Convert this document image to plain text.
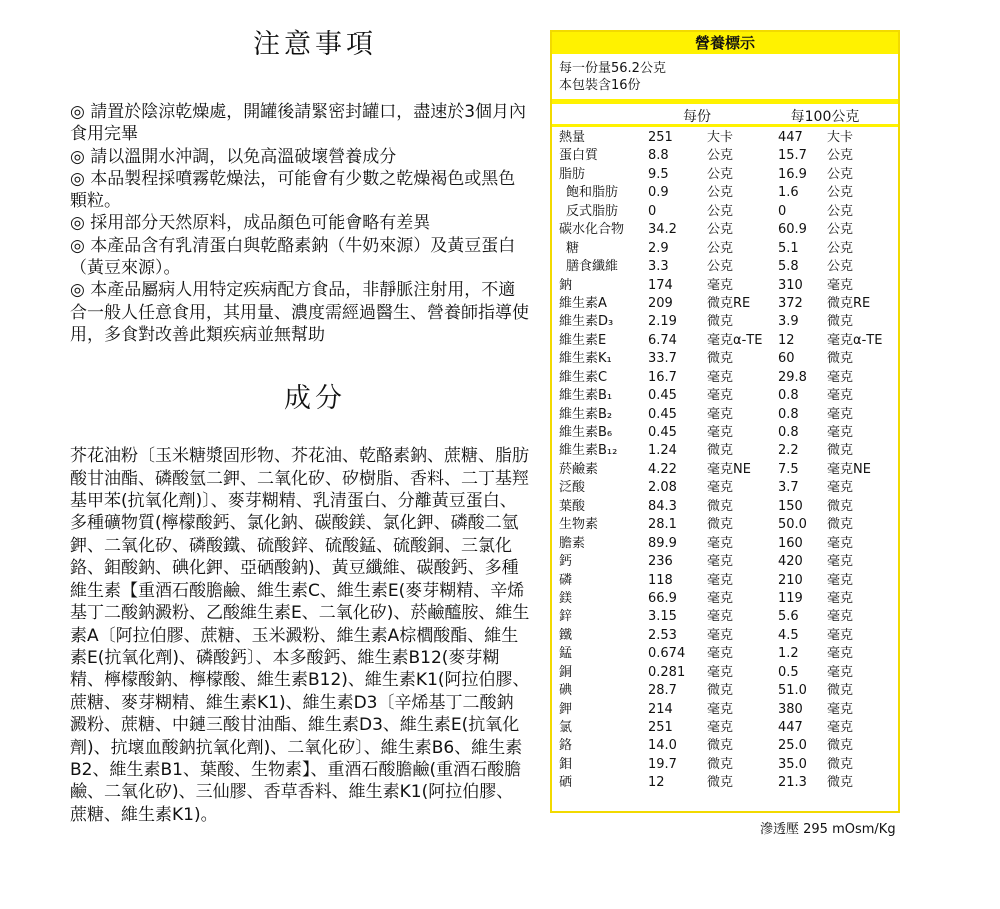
注意事項

◎ 請置於陰涼乾燥處，開罐後請緊密封罐口，盡速於3個月內食用完畢

◎ 請以溫開水沖調，以免高溫破壞營養成分

◎ 本品製程採噴霧乾燥法，可能會有少數之乾燥褐色或黑色顆粒。

◎ 採用部分天然原料，成品顏色可能會略有差異

◎ 本產品含有乳清蛋白與乾酪素鈉（牛奶來源）及黃豆蛋白（黃豆來源）。

◎ 本產品屬病人用特定疾病配方食品，非靜脈注射用，不適合一般人任意食用，其用量、濃度需經過醫生、營養師指導使用，多食對改善此類疾病並無幫助

成分

芥花油粉〔玉米糖漿固形物、芥花油、乾酪素鈉、蔗糖、脂肪酸甘油酯、磷酸氫二鉀、二氧化矽、矽樹脂、香料、二丁基羥基甲苯(抗氧化劑)〕、麥芽糊精、乳清蛋白、分離黃豆蛋白、多種礦物質(檸檬酸鈣、氯化鈉、碳酸鎂、氯化鉀、磷酸二氫鉀、二氧化矽、磷酸鐵、硫酸鋅、硫酸錳、硫酸銅、三氯化鉻、鉬酸鈉、碘化鉀、亞硒酸鈉)、黃豆纖維、碳酸鈣、多種維生素【重酒石酸膽鹼、維生素C、維生素E(麥芽糊精、辛烯基丁二酸鈉澱粉、乙酸維生素E、二氧化矽)、菸鹼醯胺、維生素A〔阿拉伯膠、蔗糖、玉米澱粉、維生素A棕櫚酸酯、維生素E(抗氧化劑)、磷酸鈣〕、本多酸鈣、維生素B12(麥芽糊精、檸檬酸鈉、檸檬酸、維生素B12)、維生素K1(阿拉伯膠、蔗糖、麥芽糊精、維生素K1)、維生素D3〔辛烯基丁二酸鈉澱粉、蔗糖、中鏈三酸甘油酯、維生素D3、維生素E(抗氧化劑)、抗壞血酸鈉抗氧化劑)、二氧化矽〕、維生素B6、維生素B2、維生素B1、葉酸、生物素】、重酒石酸膽鹼(重酒石酸膽鹼、二氧化矽)、三仙膠、香草香料、維生素K1(阿拉伯膠、蔗糖、維生素K1)。

營養標示
每一份量56.2公克
本包裝含16份
每份	每100公克
熱量	251	大卡	447 大卡
蛋白質	8.8	公克	15.7 公克
脂肪	9.5	公克	16.9 公克
飽和脂肪 0.9	公克	1.6 公克
反式脂肪 0	公克	0	公克
碳水化合物 34.2 公克	60.9 公克
糖	2.9	公克	5.1 公克
膳食纖維 3.3	公克	5.8 公克
鈉	174	毫克	310 毫克
維生素A	209	微克RE 372 微克RE
維生素D₃	2.19 微克	3.9 微克
維生素E	6.74 毫克α-TE 12 毫克α-TE
維生素K₁	33.7 微克	60 微克
維生素C	16.7 毫克	29.8 毫克
維生素B₁	0.45 毫克	0.8 毫克
維生素B₂	0.45 毫克	0.8 毫克
維生素B₆	0.45 毫克	0.8 毫克
維生素B₁₂ 1.24 微克	2.2 微克
菸鹼素	4.22 毫克NE 7.5 毫克NE
泛酸	2.08 毫克	3.7 毫克
葉酸	84.3 微克	150 微克
生物素	28.1 微克	50.0 微克
膽素	89.9 毫克	160 毫克
鈣	236	毫克	420 毫克
磷	118	毫克	210 毫克
鎂	66.9 毫克	119 毫克
鋅	3.15 毫克	5.6 毫克
鐵	2.53 毫克	4.5 毫克
錳	0.674 毫克	1.2 毫克
銅	0.281 毫克	0.5 毫克
碘	28.7 微克	51.0 微克
鉀	214	毫克	380 毫克
氯	251	毫克	447 毫克
鉻	14.0 微克	25.0 微克
鉬	19.7 微克	35.0 微克
硒	12	微克	21.3 微克
滲透壓 295 mOsm/Kg
